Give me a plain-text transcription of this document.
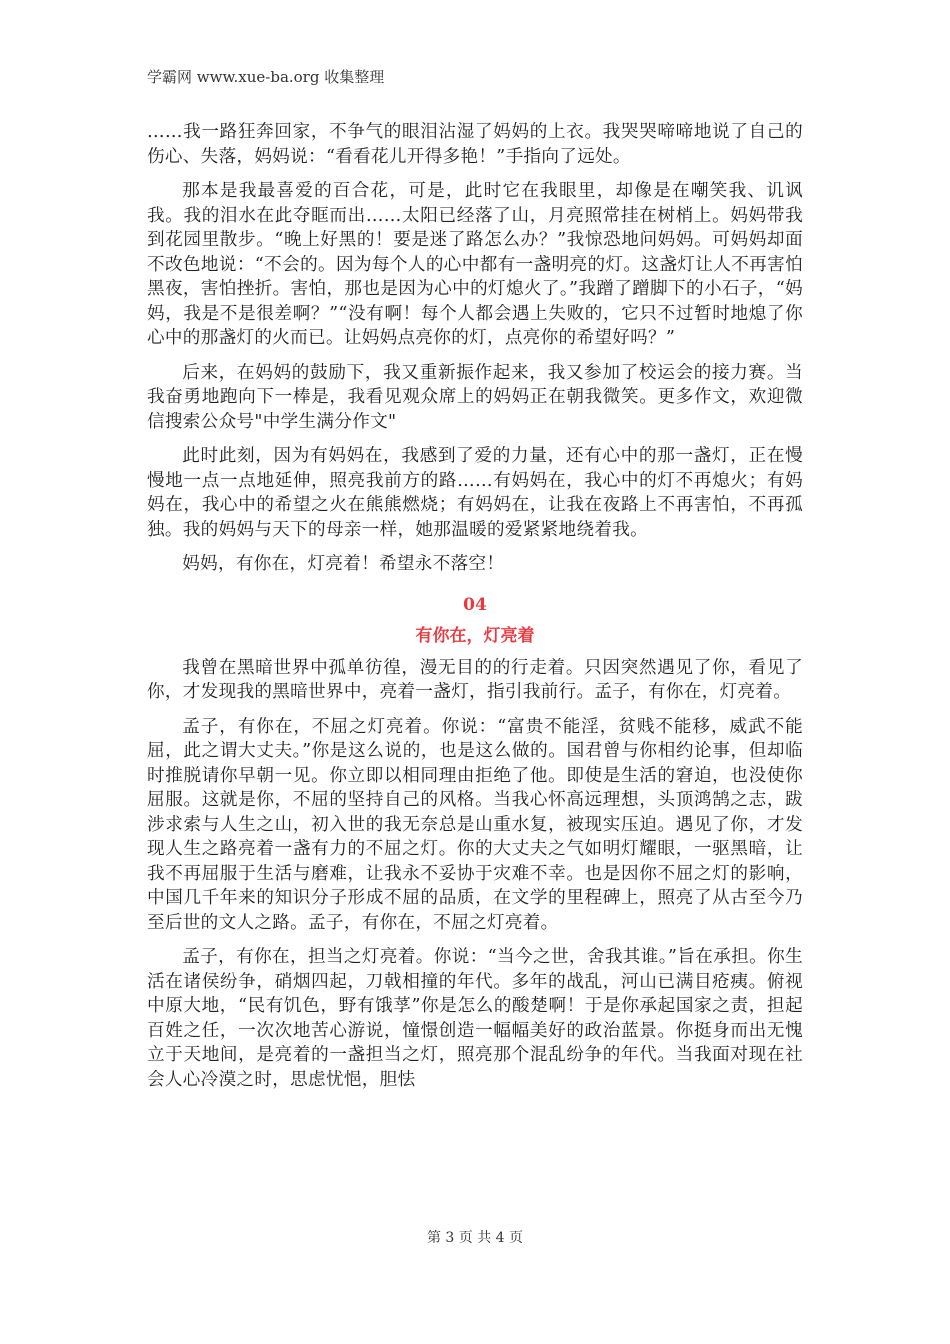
学霸网 www.xue-ba.org 收集整理

……我一路狂奔回家，不争气的眼泪沾湿了妈妈的上衣。我哭哭啼啼地说了自己的伤心、失落，妈妈说：“看看花儿开得多艳！”手指向了远处。

那本是我最喜爱的百合花，可是，此时它在我眼里，却像是在嘲笑我、讥讽我。我的泪水在此夺眶而出……太阳已经落了山，月亮照常挂在树梢上。妈妈带我到花园里散步。“晚上好黑的！要是迷了路怎么办？”我惊恐地问妈妈。可妈妈却面不改色地说：“不会的。因为每个人的心中都有一盏明亮的灯。这盏灯让人不再害怕黑夜，害怕挫折。害怕，那也是因为心中的灯熄火了。”我蹭了蹭脚下的小石子，“妈妈，我是不是很差啊？”“没有啊！每个人都会遇上失败的，它只不过暂时地熄了你心中的那盏灯的火而已。让妈妈点亮你的灯，点亮你的希望好吗？”

后来，在妈妈的鼓励下，我又重新振作起来，我又参加了校运会的接力赛。当我奋勇地跑向下一棒是，我看见观众席上的妈妈正在朝我微笑。更多作文，欢迎微信搜索公众号"中学生满分作文"

此时此刻，因为有妈妈在，我感到了爱的力量，还有心中的那一盏灯，正在慢慢地一点一点地延伸，照亮我前方的路……有妈妈在，我心中的灯不再熄火；有妈妈在，我心中的希望之火在熊熊燃烧；有妈妈在，让我在夜路上不再害怕，不再孤独。我的妈妈与天下的母亲一样，她那温暖的爱紧紧地绕着我。

妈妈，有你在，灯亮着！希望永不落空！

04
有你在，灯亮着

我曾在黑暗世界中孤单彷徨，漫无目的的行走着。只因突然遇见了你，看见了你，才发现我的黑暗世界中，亮着一盏灯，指引我前行。孟子，有你在，灯亮着。

孟子，有你在，不屈之灯亮着。你说：“富贵不能淫，贫贱不能移，威武不能屈，此之谓大丈夫。”你是这么说的，也是这么做的。国君曾与你相约论事，但却临时推脱请你早朝一见。你立即以相同理由拒绝了他。即使是生活的窘迫，也没使你屈服。这就是你，不屈的坚持自己的风格。当我心怀高远理想，头顶鸿鹄之志，跋涉求索与人生之山，初入世的我无奈总是山重水复，被现实压迫。遇见了你，才发现人生之路亮着一盏有力的不屈之灯。你的大丈夫之气如明灯耀眼，一驱黑暗，让我不再屈服于生活与磨难，让我永不妥协于灾难不幸。也是因你不屈之灯的影响，中国几千年来的知识分子形成不屈的品质，在文学的里程碑上，照亮了从古至今乃至后世的文人之路。孟子，有你在，不屈之灯亮着。

孟子，有你在，担当之灯亮着。你说：“当今之世，舍我其谁。”旨在承担。你生活在诸侯纷争，硝烟四起，刀戟相撞的年代。多年的战乱，河山已满目疮痍。俯视中原大地，“民有饥色，野有饿莩”你是怎么的酸楚啊！于是你承起国家之责，担起百姓之任，一次次地苦心游说，憧憬创造一幅幅美好的政治蓝景。你挺身而出无愧立于天地间，是亮着的一盏担当之灯，照亮那个混乱纷争的年代。当我面对现在社会人心冷漠之时，思虑忧悒，胆怯

第 3 页 共 4 页
